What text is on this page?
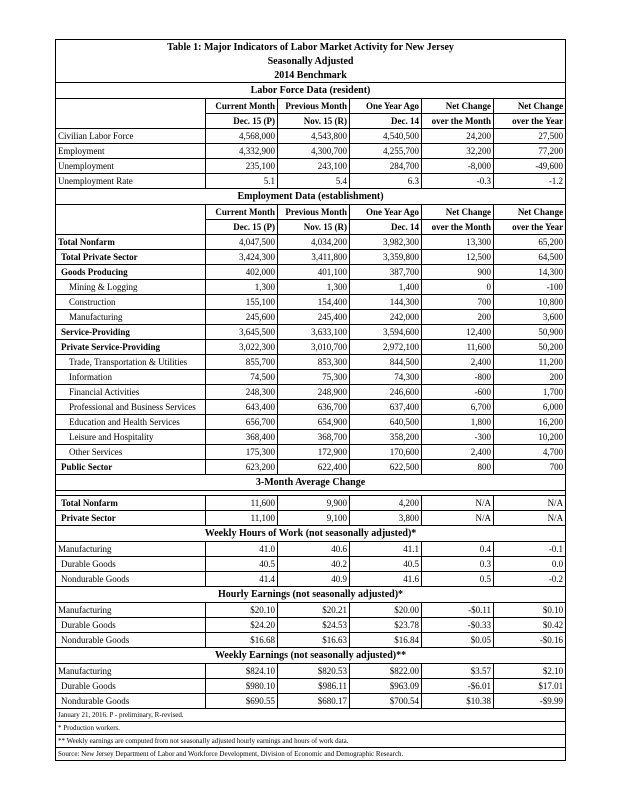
Table 1: Major Indicators of Labor Market Activity for New Jersey					
Seasonally Adjusted					
2014 Benchmark					
Labor Force Data (resident)					
	Current Month	Previous Month	One Year Ago	Net Change	Net Change
	Dec. 15 (P)	Nov. 15 (R)	Dec. 14	over the Month	over the Year
Civilian Labor Force	4,568,000	4,543,800	4,540,500	24,200	27,500
Employment	4,332,900	4,300,700	4,255,700	32,200	77,200
Unemployment	235,100	243,100	284,700	-8,000	-49,600
Unemployment Rate	5.1	5.4	6.3	-0.3	-1.2
Employment Data (establishment)					
	Current Month	Previous Month	One Year Ago	Net Change	Net Change
	Dec. 15 (P)	Nov. 15 (R)	Dec. 14	over the Month	over the Year
Total Nonfarm	4,047,500	4,034,200	3,982,300	13,300	65,200
Total Private Sector	3,424,300	3,411,800	3,359,800	12,500	64,500
Goods Producing	402,000	401,100	387,700	900	14,300
Mining & Logging	1,300	1,300	1,400	0	-100
Construction	155,100	154,400	144,300	700	10,800
Manufacturing	245,600	245,400	242,000	200	3,600
Service-Providing	3,645,500	3,633,100	3,594,600	12,400	50,900
Private Service-Providing	3,022,300	3,010,700	2,972,100	11,600	50,200
Trade, Transportation & Utilities	855,700	853,300	844,500	2,400	11,200
Information	74,500	75,300	74,300	-800	200
Financial Activities	248,300	248,900	246,600	-600	1,700
Professional and Business Services	643,400	636,700	637,400	6,700	6,000
Education and Health Services	656,700	654,900	640,500	1,800	16,200
Leisure and Hospitality	368,400	368,700	358,200	-300	10,200
Other Services	175,300	172,900	170,600	2,400	4,700
Public Sector	623,200	622,400	622,500	800	700
3-Month Average Change					

Total Nonfarm	11,600	9,900	4,200	N/A	N/A
Private Sector	11,100	9,100	3,800	N/A	N/A
Weekly Hours of Work (not seasonally adjusted)*					
Manufacturing	41.0	40.6	41.1	0.4	-0.1
Durable Goods	40.5	40.2	40.5	0.3	0.0
Nondurable Goods	41.4	40.9	41.6	0.5	-0.2
Hourly Earnings (not seasonally adjusted)*					
Manufacturing	$20.10	$20.21	$20.00	-$0.11	$0.10
Durable Goods	$24.20	$24.53	$23.78	-$0.33	$0.42
Nondurable Goods	$16.68	$16.63	$16.84	$0.05	-$0.16
Weekly Earnings (not seasonally adjusted)**					
Manufacturing	$824.10	$820.53	$822.00	$3.57	$2.10
Durable Goods	$980.10	$986.11	$963.09	-$6.01	$17.01
Nondurable Goods	$690.55	$680.17	$700.54	$10.38	-$9.99
January 21, 2016. P - preliminary, R-revised.					
* Production workers.					
** Weekly earnings are computed from not seasonally adjusted hourly earnings and hours of work data.					
Source: New Jersey Department of Labor and Workforce Development, Division of Economic and Demographic Research.					
